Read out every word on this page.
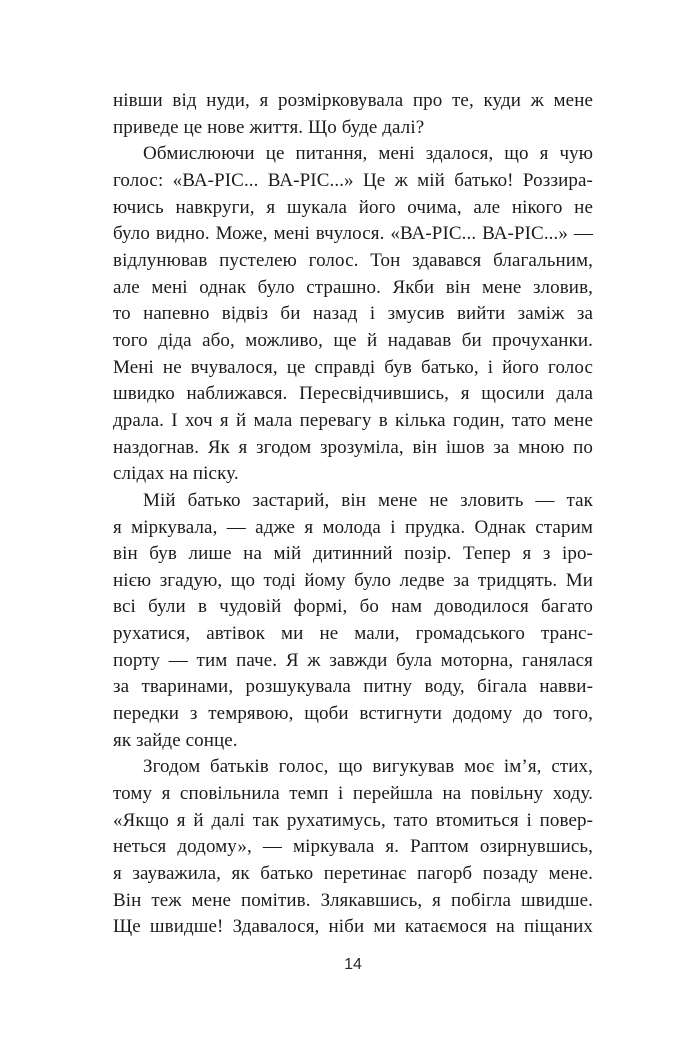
нівши від нуди, я розмірковувала про те, куди ж мене
приведе це нове життя. Що буде далі?
Обмислюючи це питання, мені здалося, що я чую
голос: «ВА-РІС... ВА-РІС...» Це ж мій батько! Роззира-
ючись навкруги, я шукала його очима, але нікого не
було видно. Може, мені вчулося. «ВА-РІС... ВА-РІС...» —
відлунював пустелею голос. Тон здавався благальним,
але мені однак було страшно. Якби він мене зловив,
то напевно відвіз би назад і змусив вийти заміж за
того діда або, можливо, ще й надавав би прочуханки.
Мені не вчувалося, це справді був батько, і його голос
швидко наближався. Пересвідчившись, я щосили дала
драла. І хоч я й мала перевагу в кілька годин, тато мене
наздогнав. Як я згодом зрозуміла, він ішов за мною по
слідах на піску.
Мій батько застарий, він мене не зловить — так
я міркувала, — адже я молода і прудка. Однак старим
він був лише на мій дитинний позір. Тепер я з іро-
нією згадую, що тоді йому було ледве за тридцять. Ми
всі були в чудовій формі, бо нам доводилося багато
рухатися, автівок ми не мали, громадського транс-
порту — тим паче. Я ж завжди була моторна, ганялася
за тваринами, розшукувала питну воду, бігала навви-
передки з темрявою, щоби встигнути додому до того,
як зайде сонце.
Згодом батьків голос, що вигукував моє ім’я, стих,
тому я сповільнила темп і перейшла на повільну ходу.
«Якщо я й далі так рухатимусь, тато втомиться і повер-
неться додому», — міркувала я. Раптом озирнувшись,
я зауважила, як батько перетинає пагорб позаду мене.
Він теж мене помітив. Злякавшись, я побігла швидше.
Ще швидше! Здавалося, ніби ми катаємося на піщаних
14
